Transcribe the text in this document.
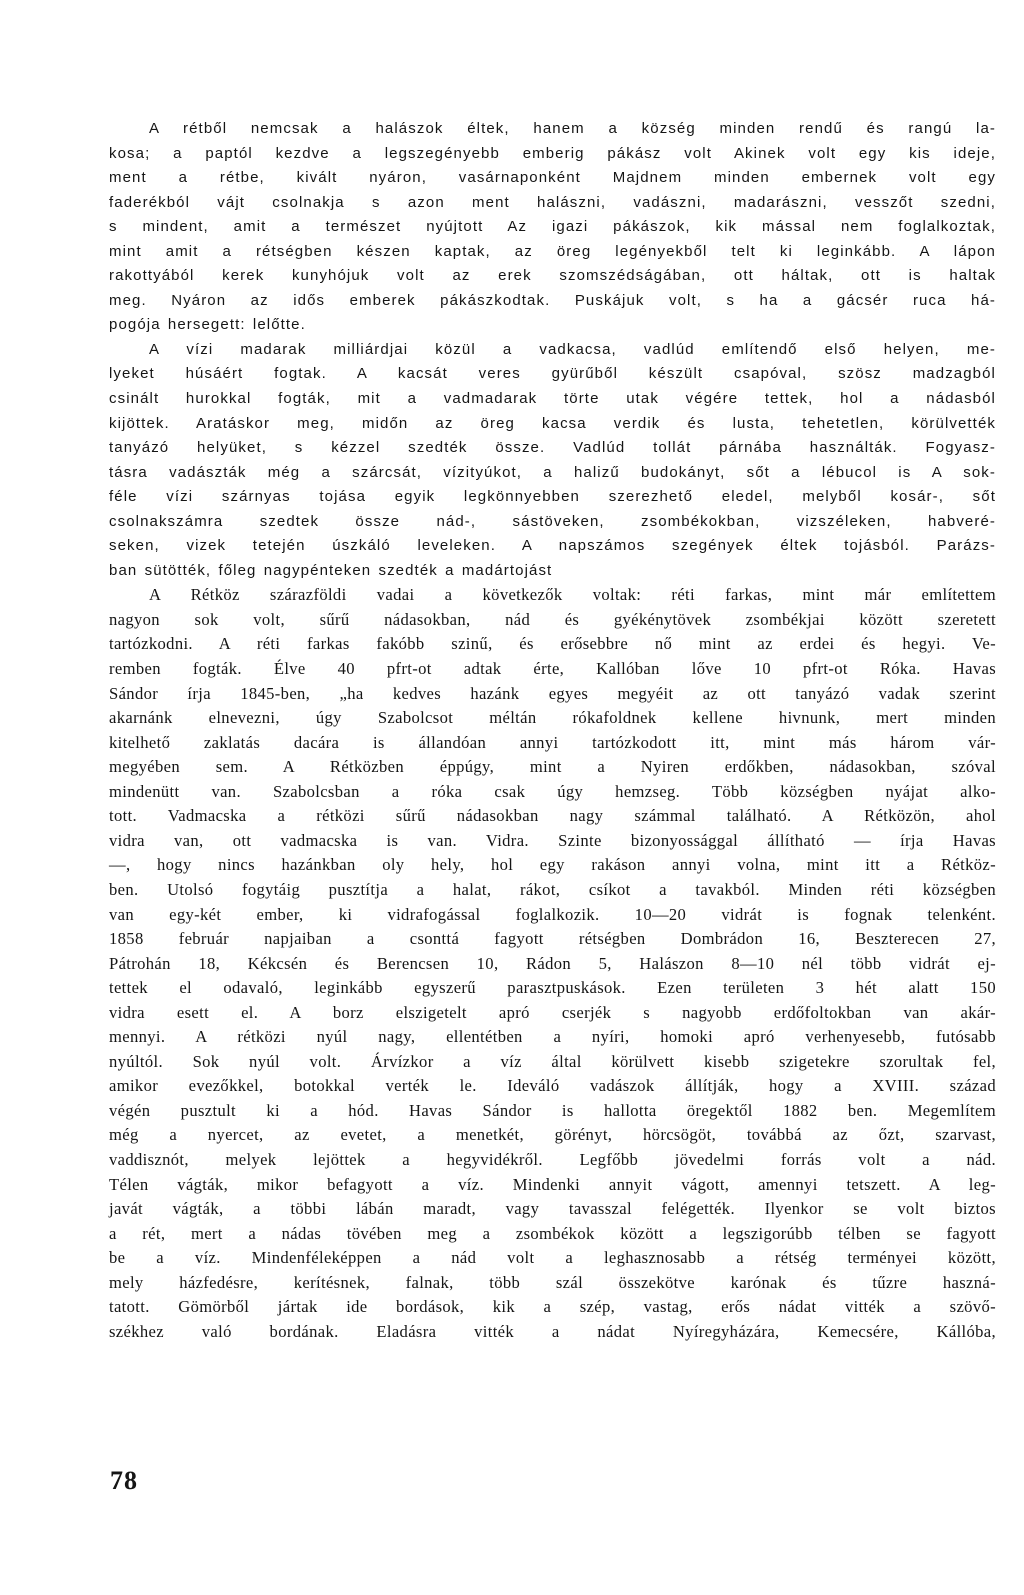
A rétből nemcsak a halászok éltek, hanem a község minden rendű és rangú la-
kosa; a paptól kezdve a legszegényebb emberig pákász volt Akinek volt egy kis ideje,
ment a rétbe, kivált nyáron, vasárnaponként Majdnem minden embernek volt egy
faderékból vájt csolnakja s azon ment halászni, vadászni, madarászni, vesszőt szedni,
s mindent, amit a természet nyújtott Az igazi pákászok, kik mással nem foglalkoztak,
mint amit a rétségben készen kaptak, az öreg legényekből telt ki leginkább. A lápon
rakottyából kerek kunyhójuk volt az erek szomszédságában, ott háltak, ott is haltak
meg. Nyáron az idős emberek pákászkodtak. Puskájuk volt, s ha a gácsér ruca há-
pogója hersegett: lelőtte.
A vízi madarak milliárdjai közül a vadkacsa, vadlúd említendő első helyen, me-
lyeket húsáért fogtak. A kacsát veres gyürűből készült csapóval, szösz madzagból
csinált hurokkal fogták, mit a vadmadarak törte utak végére tettek, hol a nádasból
kijöttek. Aratáskor meg, midőn az öreg kacsa verdik és lusta, tehetetlen, körülvették
tanyázó helyüket, s kézzel szedték össze. Vadlúd tollát párnába használták. Fogyasz-
tásra vadászták még a szárcsát, vízityúkot, a halizű budokányt, sőt a lébucol is A sok-
féle vízi szárnyas tojása egyik legkönnyebben szerezhető eledel, melyből kosár-, sőt
csolnakszámra szedtek össze nád-, sástöveken, zsombékokban, vizszéleken, habveré-
seken, vizek tetején úszkáló leveleken. A napszámos szegények éltek tojásból. Parázs-
ban sütötték, főleg nagypénteken szedték a madártojást
A Rétköz szárazföldi vadai a következők voltak: réti farkas, mint már említettem
nagyon sok volt, sűrű nádasokban, nád és gyékénytövek zsombékjai között szeretett
tartózkodni. A réti farkas fakóbb szinű, és erősebbre nő mint az erdei és hegyi. Ve-
remben fogták. Élve 40 pfrt-ot adtak érte, Kallóban lőve 10 pfrt-ot Róka. Havas
Sándor írja 1845-ben, „ha kedves hazánk egyes megyéit az ott tanyázó vadak szerint
akarnánk elnevezni, úgy Szabolcsot méltán rókafoldnek kellene hivnunk, mert minden
kitelhető zaklatás dacára is állandóan annyi tartózkodott itt, mint más három vár-
megyében sem. A Rétközben éppúgy, mint a Nyiren erdőkben, nádasokban, szóval
mindenütt van. Szabolcsban a róka csak úgy hemzseg. Több községben nyájat alko-
tott. Vadmacska a rétközi sűrű nádasokban nagy számmal található. A Rétközön, ahol
vidra van, ott vadmacska is van. Vidra. Szinte bizonyossággal állítható — írja Havas
—, hogy nincs hazánkban oly hely, hol egy rakáson annyi volna, mint itt a Rétköz-
ben. Utolsó fogytáig pusztítja a halat, rákot, csíkot a tavakból. Minden réti községben
van egy-két ember, ki vidrafogással foglalkozik. 10—20 vidrát is fognak telenként.
1858 február napjaiban a csonttá fagyott rétségben Dombrádon 16, Beszterecen 27,
Pátrohán 18, Kékcsén és Berencsen 10, Rádon 5, Halászon 8—10 nél több vidrát ej-
tettek el odavaló, leginkább egyszerű parasztpuskások. Ezen területen 3 hét alatt 150
vidra esett el. A borz elszigetelt apró cserjék s nagyobb erdőfoltokban van akár-
mennyi. A rétközi nyúl nagy, ellentétben a nyíri, homoki apró verhenyesebb, futósabb
nyúltól. Sok nyúl volt. Árvízkor a víz által körülvett kisebb szigetekre szorultak fel,
amikor evezőkkel, botokkal verték le. Ideváló vadászok állítják, hogy a XVIII. század
végén pusztult ki a hód. Havas Sándor is hallotta öregektől 1882 ben. Megemlítem
még a nyercet, az evetet, a menetkét, görényt, hörcsögöt, továbbá az őzt, szarvast,
vaddisznót, melyek lejöttek a hegyvidékről. Legfőbb jövedelmi forrás volt a nád.
Télen vágták, mikor befagyott a víz. Mindenki annyit vágott, amennyi tetszett. A leg-
javát vágták, a többi lábán maradt, vagy tavasszal felégették. Ilyenkor se volt biztos
a rét, mert a nádas tövében meg a zsombékok között a legszigorúbb télben se fagyott
be a víz. Mindenféleképpen a nád volt a leghasznosabb a rétség terményei között,
mely házfedésre, kerítésnek, falnak, több szál összekötve karónak és tűzre haszná-
tatott. Gömörből jártak ide bordások, kik a szép, vastag, erős nádat vitték a szövő-
székhez való bordának. Eladásra vitték a nádat Nyíregyházára, Kemecsére, Kállóba,
78
